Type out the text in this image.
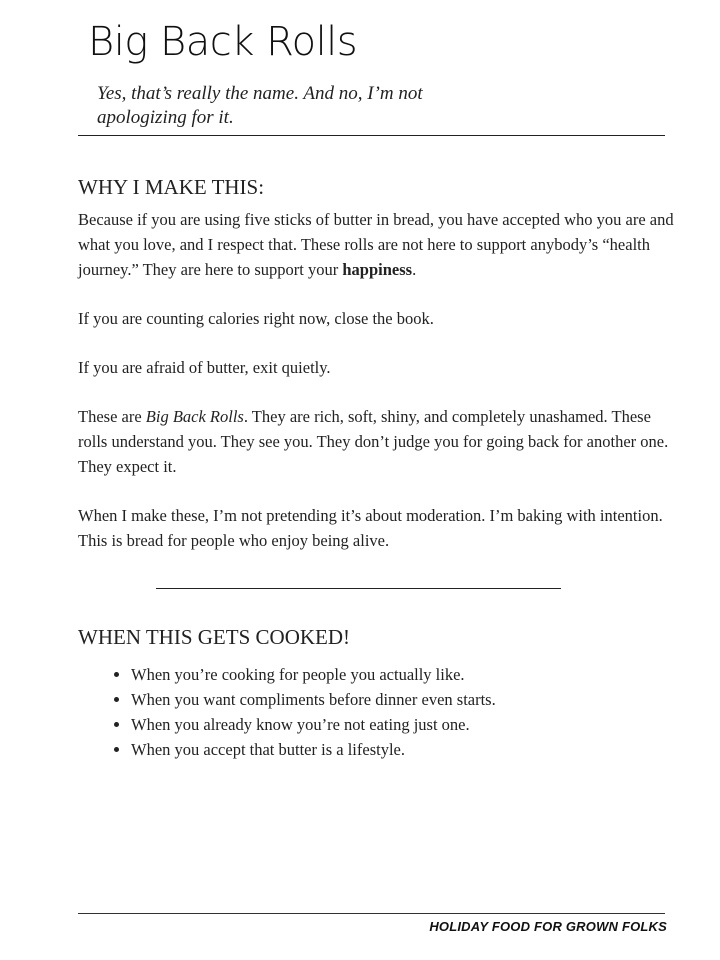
Big Back Rolls

Yes, that’s really the name. And no, I’m not apologizing for it.

WHY I MAKE THIS:

Because if you are using five sticks of butter in bread, you have accepted who you are and what you love, and I respect that. These rolls are not here to support anybody’s “health journey.” They are here to support your happiness.

If you are counting calories right now, close the book.

If you are afraid of butter, exit quietly.

These are Big Back Rolls. They are rich, soft, shiny, and completely unashamed. These rolls understand you. They see you. They don’t judge you for going back for another one. They expect it.

When I make these, I’m not pretending it’s about moderation. I’m baking with intention. This is bread for people who enjoy being alive.

WHEN THIS GETS COOKED!
• When you’re cooking for people you actually like.
• When you want compliments before dinner even starts.
• When you already know you’re not eating just one.
• When you accept that butter is a lifestyle.
HOLIDAY FOOD FOR GROWN FOLKS
